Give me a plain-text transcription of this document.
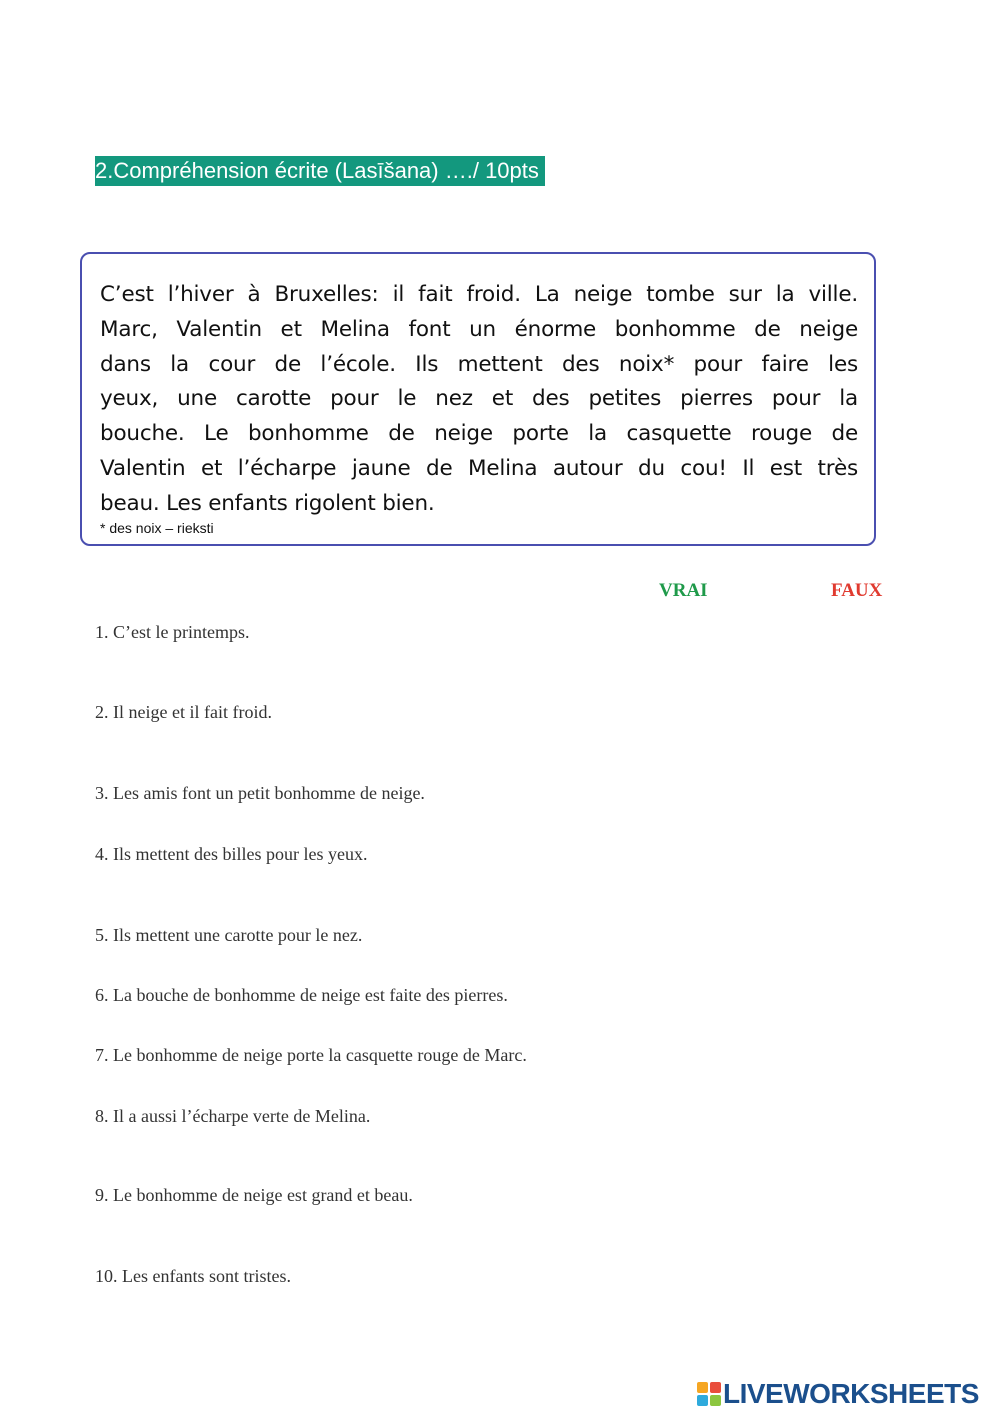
2.Compréhension écrite (Lasīšana) …./ 10pts
C’est l’hiver à Bruxelles: il fait froid. La neige tombe sur la ville.
Marc, Valentin et Melina font un énorme bonhomme de neige
dans la cour de l’école. Ils mettent des noix* pour faire les
yeux, une carotte pour le nez et des petites pierres pour la
bouche. Le bonhomme de neige porte la casquette rouge de
Valentin et l’écharpe jaune de Melina autour du cou! Il est très
beau. Les enfants rigolent bien.
* des noix – rieksti
VRAI	FAUX
1. C’est le printemps.
2. Il neige et il fait froid.
3. Les amis font un petit bonhomme de neige.
4. Ils mettent des billes pour les yeux.
5. Ils mettent une carotte pour le nez.
6. La bouche de bonhomme de neige est faite des pierres.
7. Le bonhomme de neige porte la casquette rouge de Marc.
8. Il a aussi l’écharpe verte de Melina.
9. Le bonhomme de neige est grand et beau.
10. Les enfants sont tristes.
LIVEWORKSHEETS
